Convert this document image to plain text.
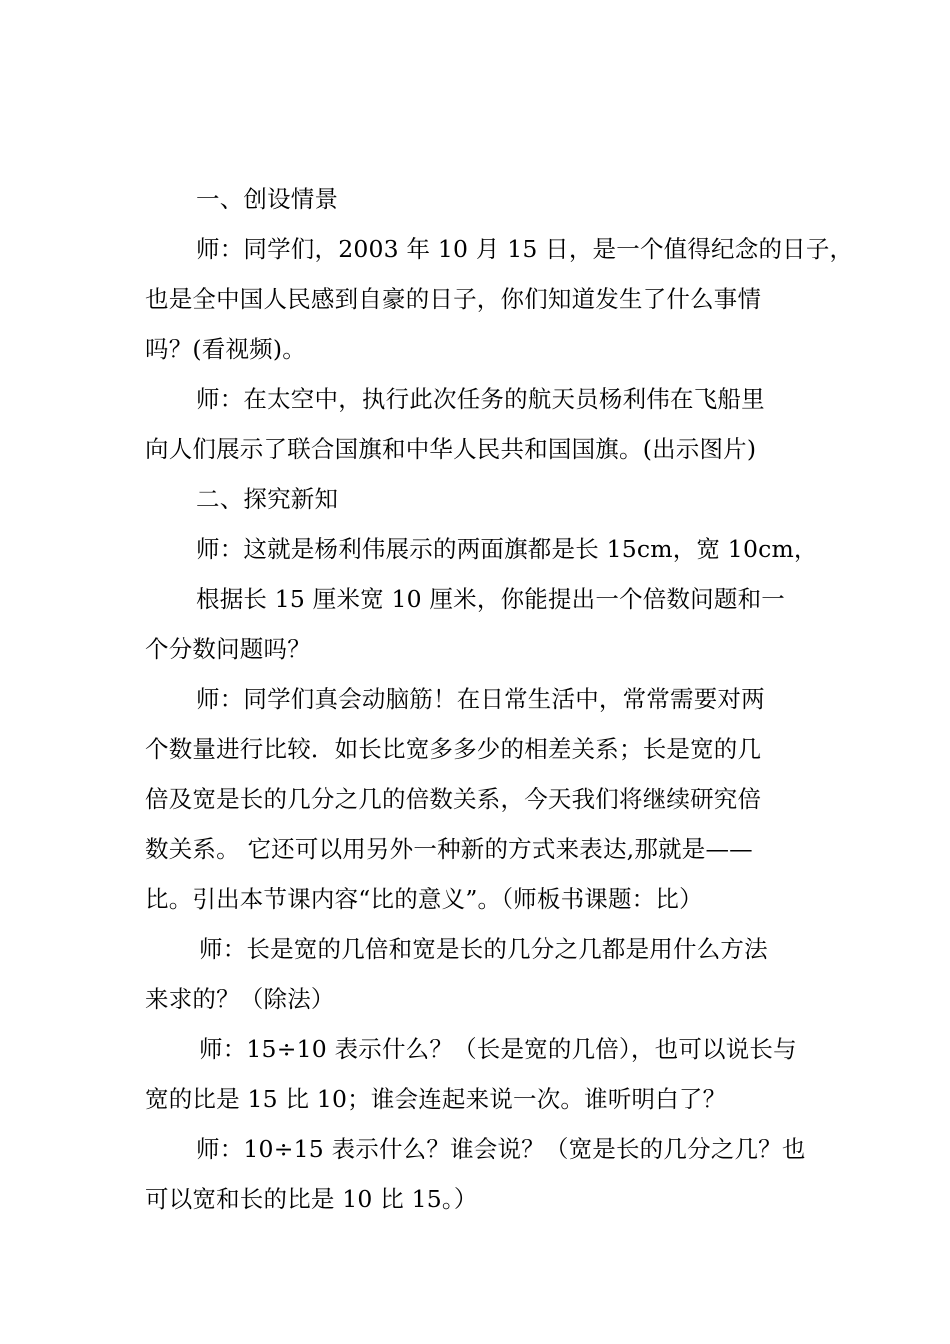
一、创设情景
师：同学们，2003 年 10 月 15 日，是一个值得纪念的日子，
也是全中国人民感到自豪的日子，你们知道发生了什么事情
吗？(看视频)。
师：在太空中，执行此次任务的航天员杨利伟在飞船里
向人们展示了联合国旗和中华人民共和国国旗。(出示图片)
二、探究新知
师：这就是杨利伟展示的两面旗都是长 15cm，宽 10cm，
根据长 15 厘米宽 10 厘米，你能提出一个倍数问题和一
个分数问题吗？
师：同学们真会动脑筋！在日常生活中，常常需要对两
个数量进行比较．如长比宽多多少的相差关系；长是宽的几
倍及宽是长的几分之几的倍数关系，今天我们将继续研究倍
数关系。 它还可以用另外一种新的方式来表达,那就是——
比。引出本节课内容“比的意义”。（师板书课题：比）
师：长是宽的几倍和宽是长的几分之几都是用什么方法
来求的？（除法）
师：15÷10 表示什么？（长是宽的几倍），也可以说长与
宽的比是 15 比 10；谁会连起来说一次。谁听明白了？
师：10÷15 表示什么？谁会说？（宽是长的几分之几？也
可以宽和长的比是 10 比 15。）
